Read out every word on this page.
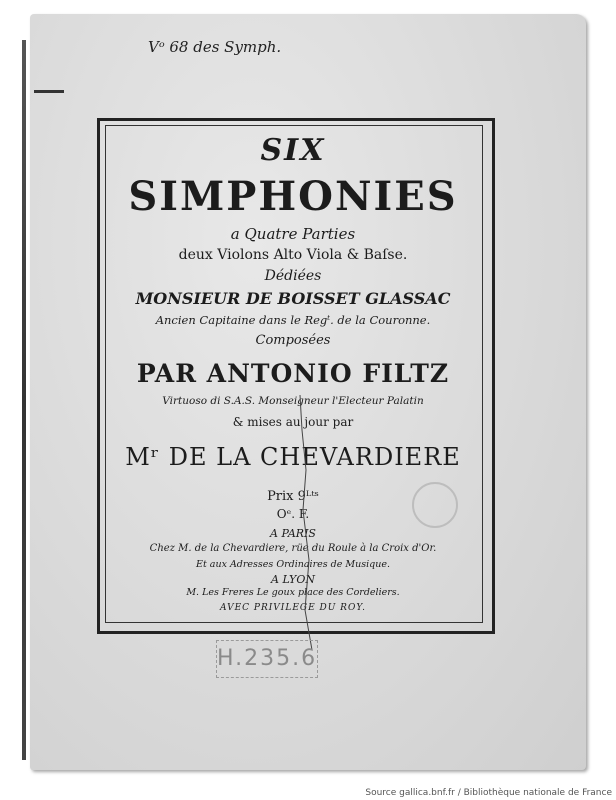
Vᵒ 68 des Symph.
SIX
SIMPHONIES
a Quatre Parties
deux Violons Alto Viola & Baſse.
Dédiées
MONSIEUR DE BOISSET GLASSAC
Ancien Capitaine dans le Regᵗ. de la Couronne.
Composées
PAR ANTONIO FILTZ
Virtuoso di S.A.S. Monseigneur l'Electeur Palatin
& mises au jour par
Mʳ DE LA CHEVARDIERE
Prix 9ᴸᵗˢ
Oᵉ. F.
A PARIS
Chez M. de la Chevardiere, rüe du Roule à la Croix d'Or.
Et aux Adresses Ordinaires de Musique.
A LYON
M. Les Freres Le goux place des Cordeliers.
AVEC PRIVILEGE DU ROY.
H.235.6
Source gallica.bnf.fr / Bibliothèque nationale de France
